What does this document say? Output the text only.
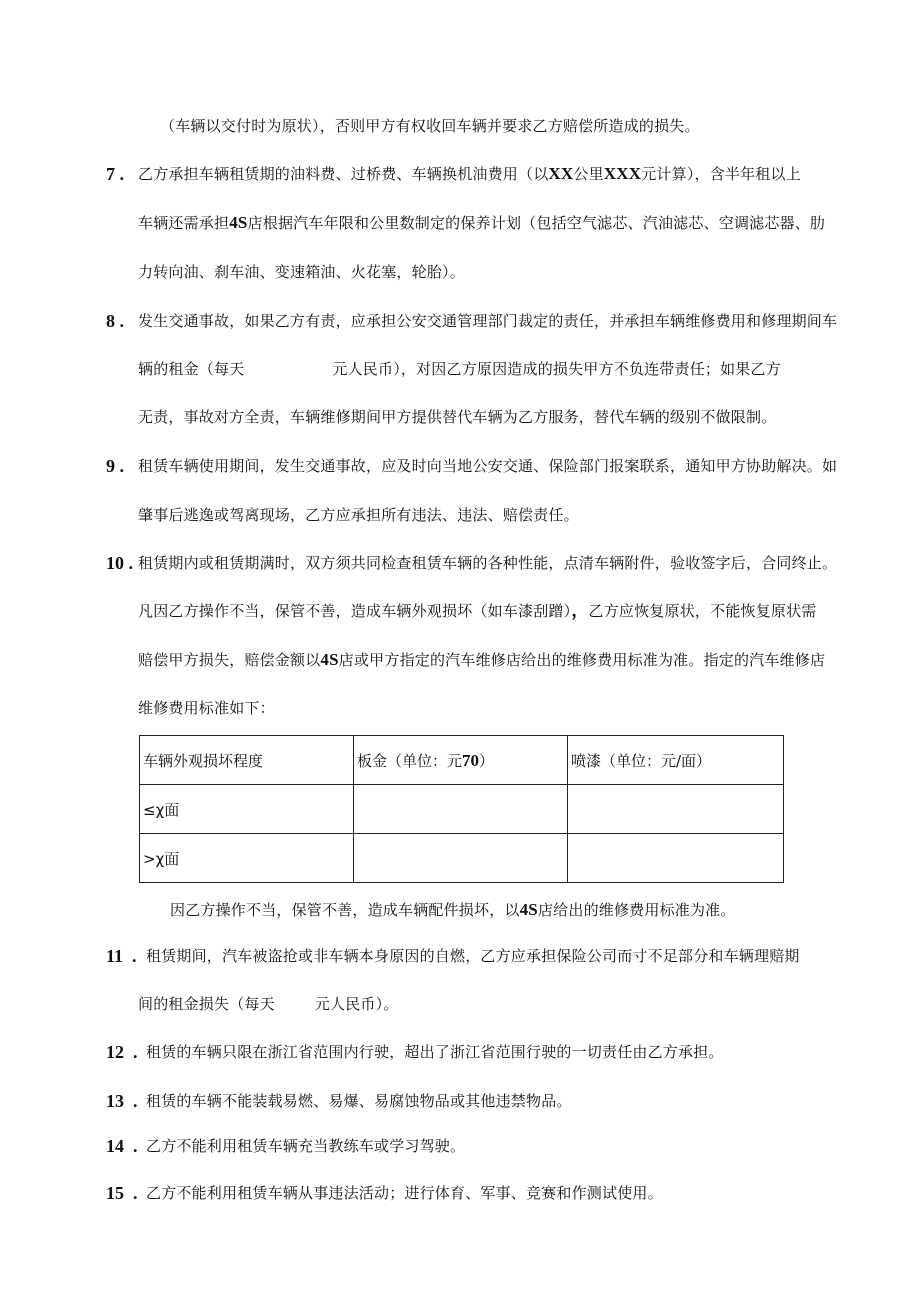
（车辆以交付时为原状），否则甲方有权收回车辆并要求乙方赔偿所造成的损失。
7 . 乙方承担车辆租赁期的油料费、过桥费、车辆换机油费用（以XX公里XXX元计算），含半年租以上
车辆还需承担4S店根据汽车年限和公里数制定的保养计划（包括空气滤芯、汽油滤芯、空调滤芯器、肋
力转向油、刹车油、变速箱油、火花塞，轮胎）。
8 . 发生交通事故，如果乙方有责，应承担公安交通管理部门裁定的责任，并承担车辆维修费用和修理期间车
辆的租金（每天	元人民币），对因乙方原因造成的损失甲方不负连带责任；如果乙方
无责，事故对方全责，车辆维修期间甲方提供替代车辆为乙方服务，替代车辆的级别不做限制。
9 . 租赁车辆使用期间，发生交通事故，应及时向当地公安交通、保险部门报案联系，通知甲方协助解决。如
肇事后逃逸或驾离现场，乙方应承担所有违法、违法、赔偿责任。
10 . 租赁期内或租赁期满时，双方须共同检查租赁车辆的各种性能，点清车辆附件，验收签字后，合同终止。
凡因乙方操作不当，保管不善，造成车辆外观损坏（如车漆刮蹭），乙方应恢复原状，不能恢复原状需
赔偿甲方损失，赔偿金额以4S店或甲方指定的汽车维修店给出的维修费用标准为准。指定的汽车维修店
维修费用标准如下：
车辆外观损坏程度	板金（单位：元70）	喷漆（单位：元/面）
≤χ面		
>χ面		
因乙方操作不当，保管不善，造成车辆配件损坏，以4S店给出的维修费用标准为准。
11 . 租赁期间，汽车被盗抢或非车辆本身原因的自燃，乙方应承担保险公司而寸不足部分和车辆理赔期
间的租金损失（每天	元人民币）。
12 . 租赁的车辆只限在浙江省范围内行驶，超出了浙江省范围行驶的一切责任由乙方承担。
13 . 租赁的车辆不能装载易燃、易爆、易腐蚀物品或其他违禁物品。
14 . 乙方不能利用租赁车辆充当教练车或学习驾驶。
15 . 乙方不能利用租赁车辆从事违法活动；进行体育、军事、竞赛和作测试使用。
